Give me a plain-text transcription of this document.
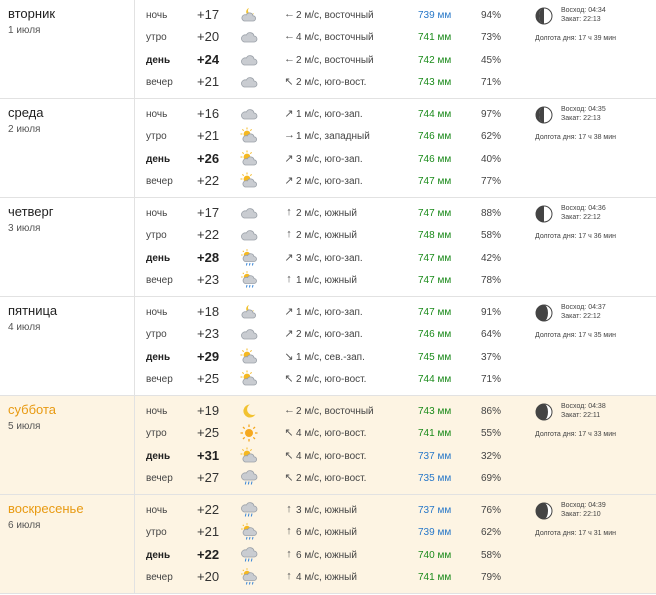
вторник
1 июля
Восход: 04:34
Закат: 22:13
Долгота дня: 17 ч 39 мин
ночь +17	← 2 м/с, восточный	739 мм	94%
утро +20	← 4 м/с, восточный	741 мм	73%
день +24	← 2 м/с, восточный	742 мм	45%
вечер +21	↖ 2 м/с, юго-вост.	743 мм	71%
среда
2 июля
Восход: 04:35
Закат: 22:13
Долгота дня: 17 ч 38 мин
ночь +16	↗ 1 м/с, юго-зап.	744 мм	97%
утро +21	→ 1 м/с, западный	746 мм	62%
день +26	↗ 3 м/с, юго-зап.	746 мм	40%
вечер +22	↗ 2 м/с, юго-зап.	747 мм	77%
четверг
3 июля
Восход: 04:36
Закат: 22:12
Долгота дня: 17 ч 36 мин
ночь +17	↑ 2 м/с, южный	747 мм	88%
утро +22	↑ 2 м/с, южный	748 мм	58%
день +28	↗ 3 м/с, юго-зап.	747 мм	42%
вечер +23	↑ 1 м/с, южный	747 мм	78%
пятница
4 июля
Восход: 04:37
Закат: 22:12
Долгота дня: 17 ч 35 мин
ночь +18	↗ 1 м/с, юго-зап.	747 мм	91%
утро +23	↗ 2 м/с, юго-зап.	746 мм	64%
день +29	↘ 1 м/с, сев.-зап.	745 мм	37%
вечер +25	↖ 2 м/с, юго-вост.	744 мм	71%
суббота
5 июля
Восход: 04:38
Закат: 22:11
Долгота дня: 17 ч 33 мин
ночь +19	← 2 м/с, восточный	743 мм	86%
утро +25	↖ 4 м/с, юго-вост.	741 мм	55%
день +31	↖ 4 м/с, юго-вост.	737 мм	32%
вечер +27	↖ 2 м/с, юго-вост.	735 мм	69%
воскресенье
6 июля
Восход: 04:39
Закат: 22:10
Долгота дня: 17 ч 31 мин
ночь +22	↑ 3 м/с, южный	737 мм	76%
утро +21	↑ 6 м/с, южный	739 мм	62%
день +22	↑ 6 м/с, южный	740 мм	58%
вечер +20	↑ 4 м/с, южный	741 мм	79%
